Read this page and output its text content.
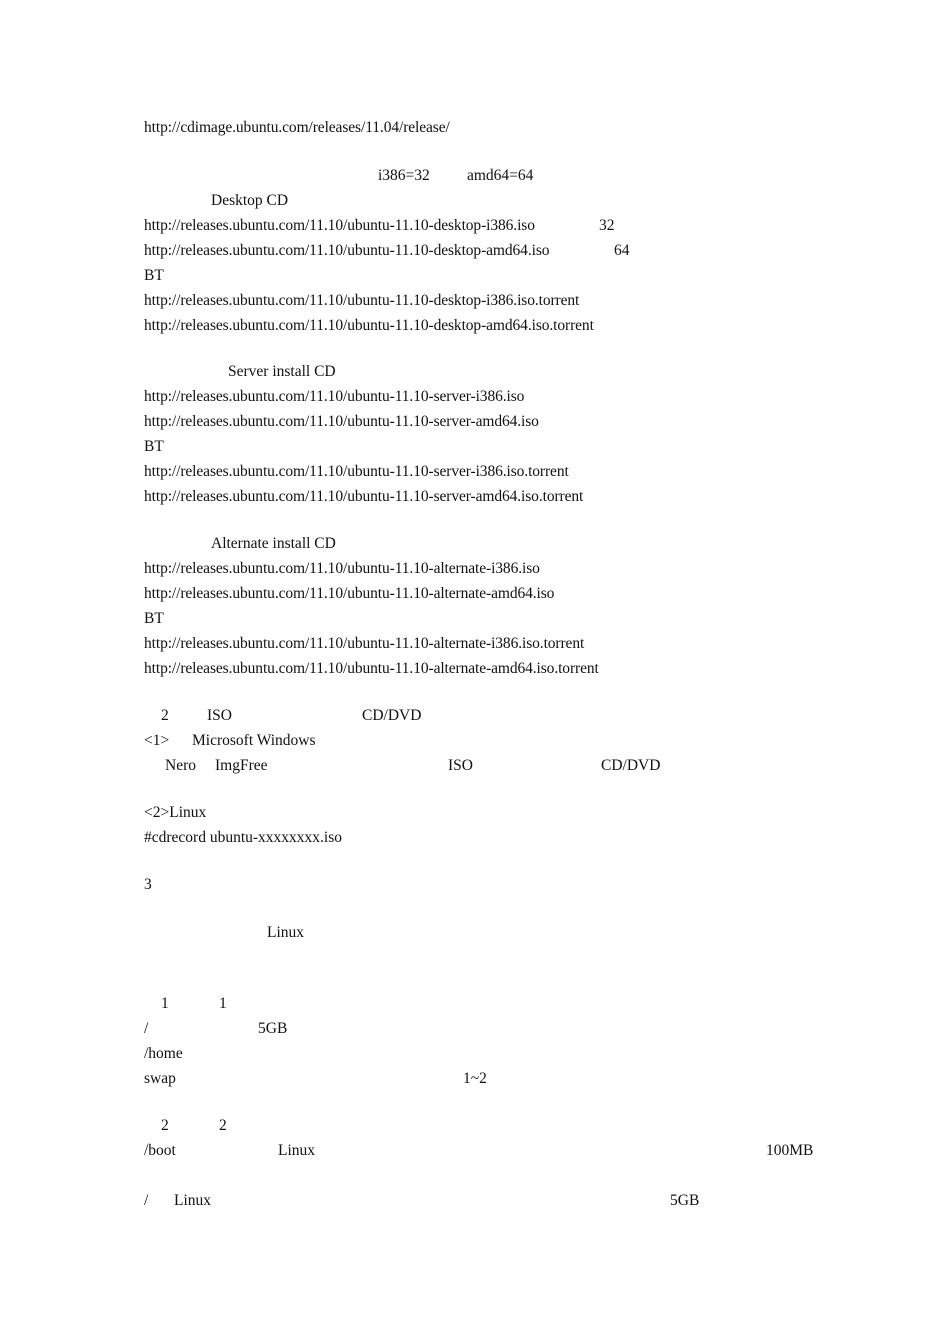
http://cdimage.ubuntu.com/releases/11.04/release/
i386=32 amd64=64
Desktop CD
http://releases.ubuntu.com/11.10/ubuntu-11.10-desktop-i386.iso	32
http://releases.ubuntu.com/11.10/ubuntu-11.10-desktop-amd64.iso	64
BT
http://releases.ubuntu.com/11.10/ubuntu-11.10-desktop-i386.iso.torrent
http://releases.ubuntu.com/11.10/ubuntu-11.10-desktop-amd64.iso.torrent
Server install CD
http://releases.ubuntu.com/11.10/ubuntu-11.10-server-i386.iso
http://releases.ubuntu.com/11.10/ubuntu-11.10-server-amd64.iso
BT
http://releases.ubuntu.com/11.10/ubuntu-11.10-server-i386.iso.torrent
http://releases.ubuntu.com/11.10/ubuntu-11.10-server-amd64.iso.torrent
Alternate install CD
http://releases.ubuntu.com/11.10/ubuntu-11.10-alternate-i386.iso
http://releases.ubuntu.com/11.10/ubuntu-11.10-alternate-amd64.iso
BT
http://releases.ubuntu.com/11.10/ubuntu-11.10-alternate-i386.iso.torrent
http://releases.ubuntu.com/11.10/ubuntu-11.10-alternate-amd64.iso.torrent
2 ISO	CD/DVD
<1> Microsoft Windows
Nero ImgFree	ISO	CD/DVD
<2>Linux
#cdrecord ubuntu-xxxxxxxx.iso
3
Linux
1	1
/	5GB
/home
swap	1~2
2	2
/boot	Linux	100MB
/ Linux	5GB
